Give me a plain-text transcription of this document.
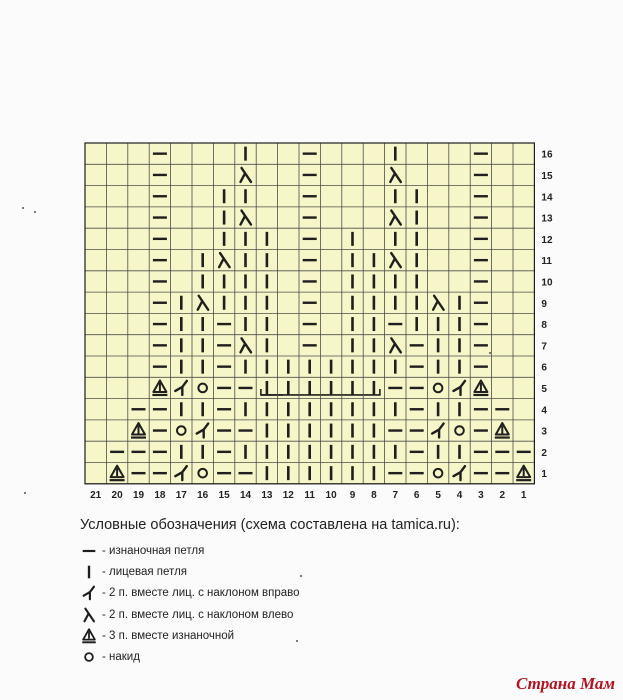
21 20 19 18 17 16 15 14 13 12 11 10 9 8 7 6 5 4 3 2 1
16
15
14
13
12
11
10
9
8
7
6
5
4
3
2
1
Условные обозначения (схема составлена на tamica.ru):
- изнаночная петля
- лицевая петля
- 2 п. вместе лиц. с наклоном вправо
- 2 п. вместе лиц. с наклоном влево
- 3 п. вместе изнаночной
- накид
Страна Мам
